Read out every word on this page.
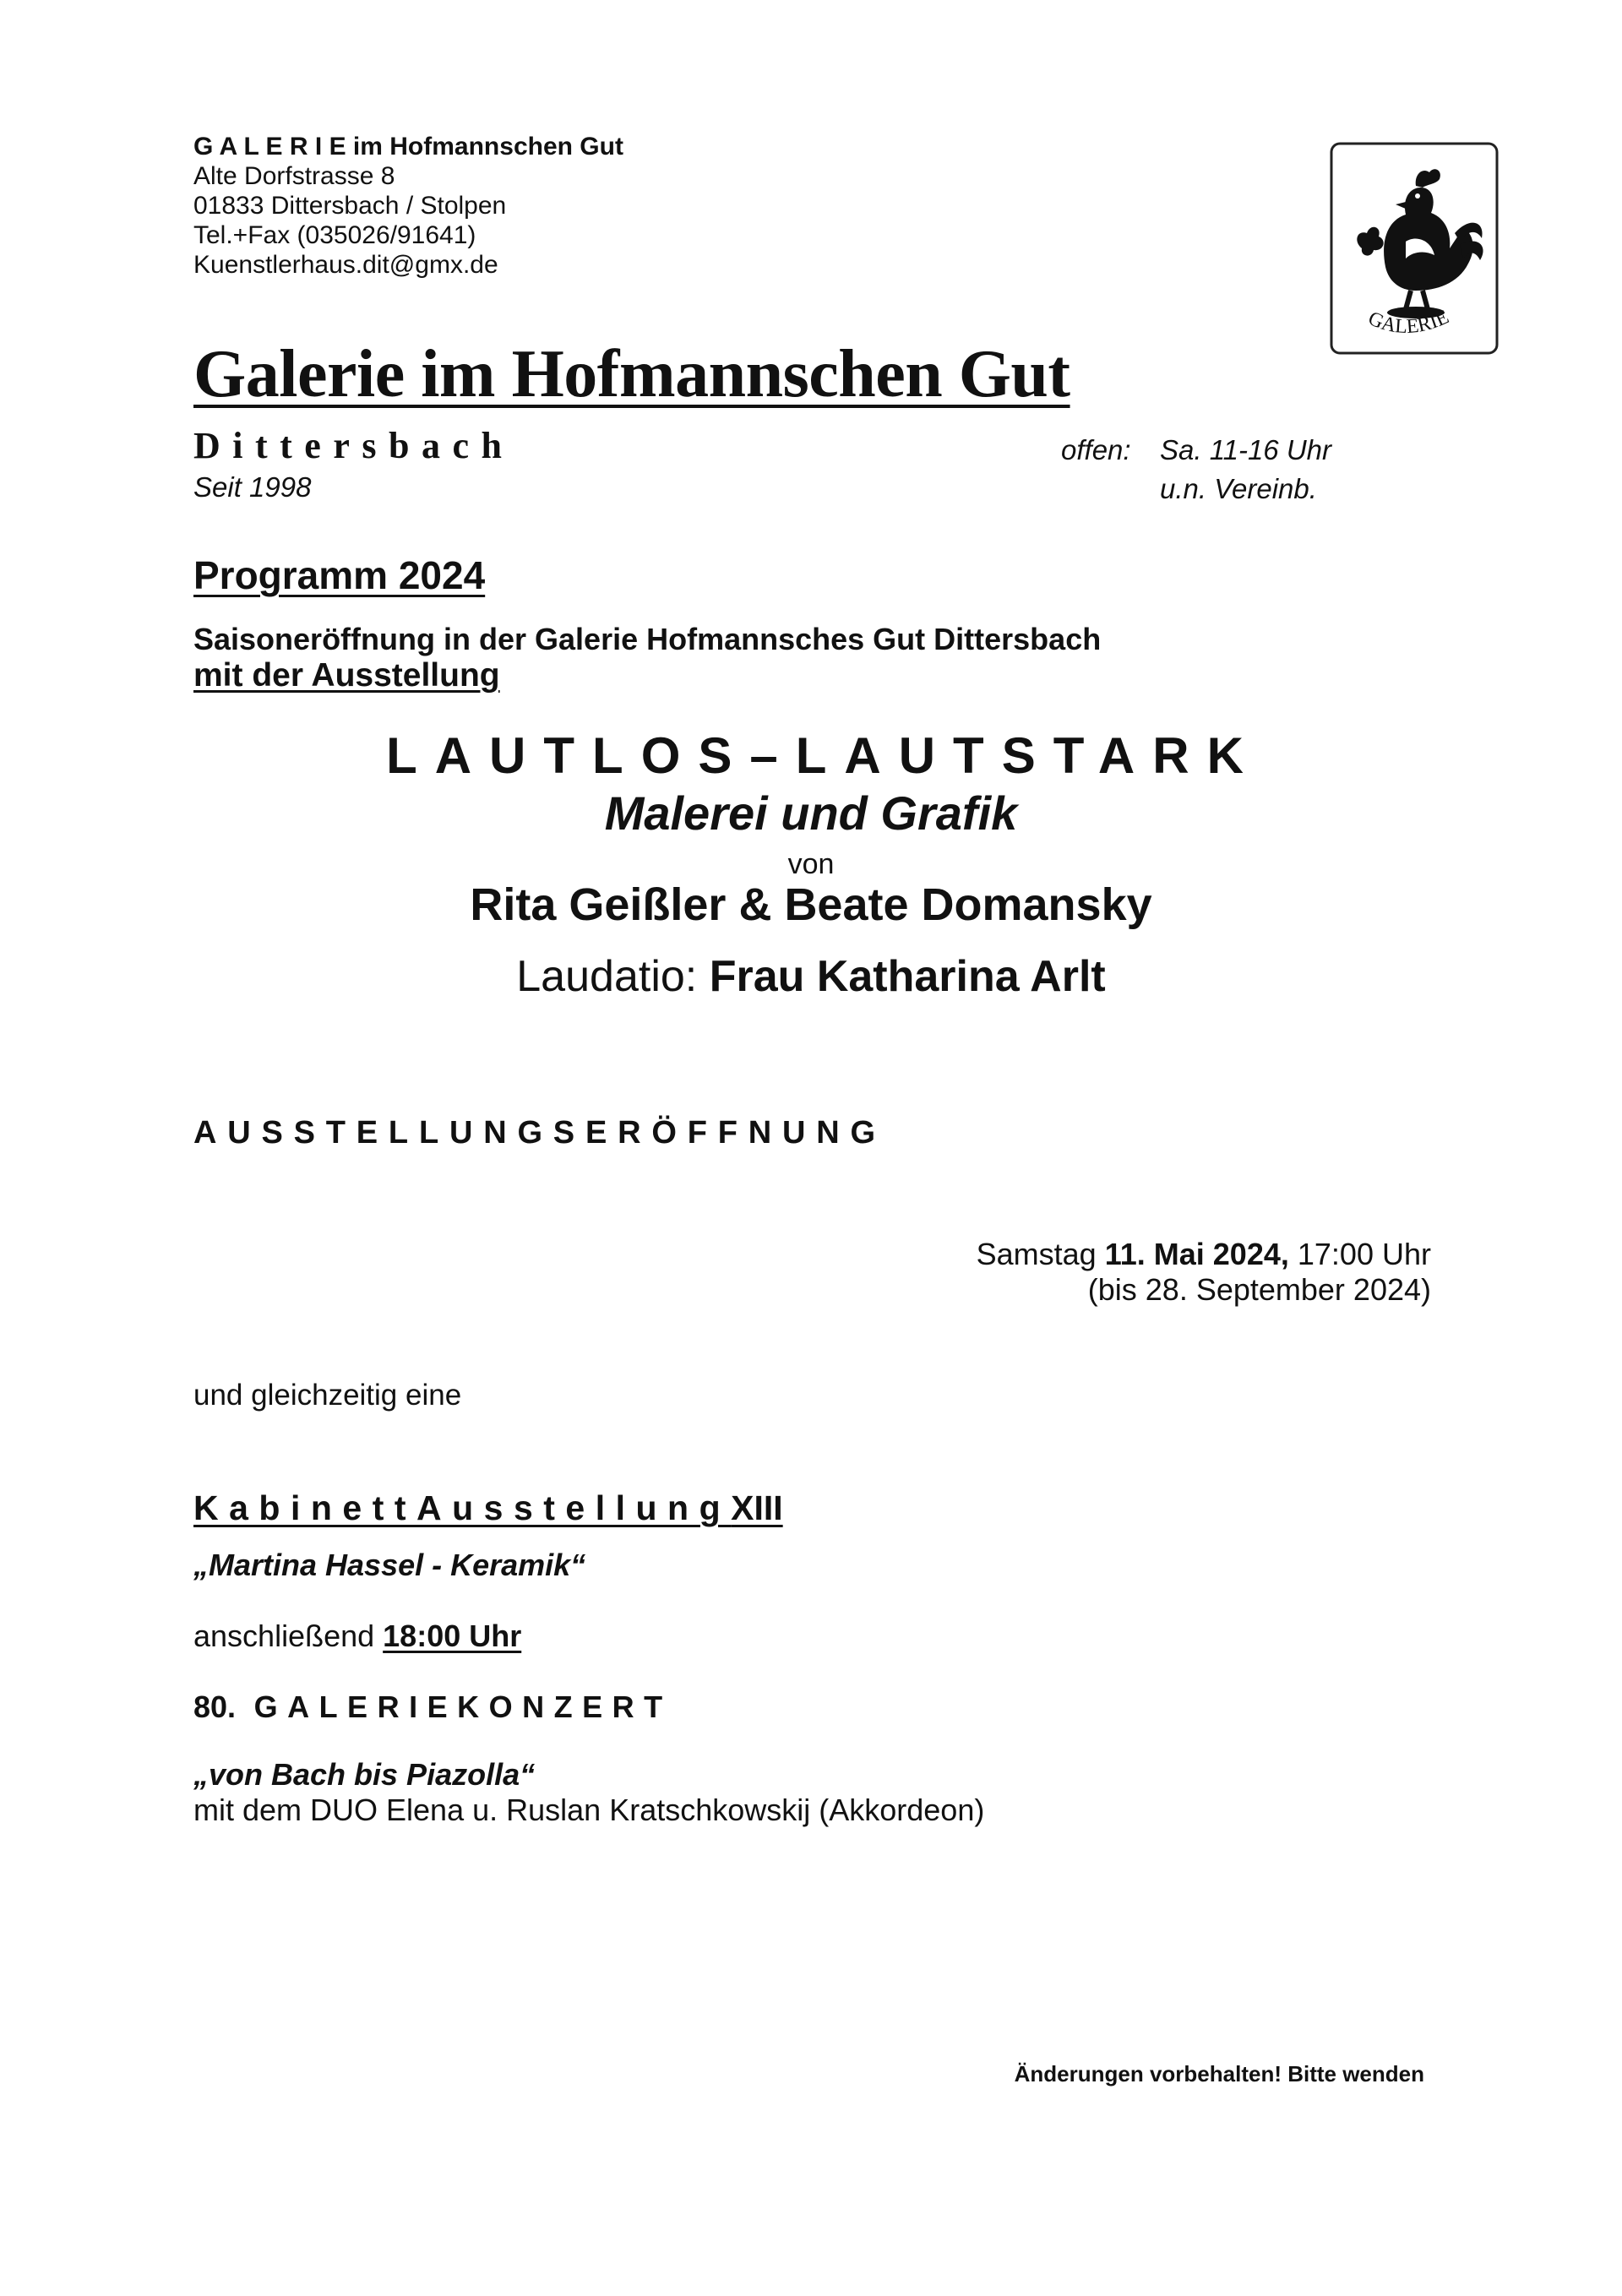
G A L E R I E im Hofmannschen Gut
Alte Dorfstrasse 8
01833 Dittersbach / Stolpen
Tel.+Fax (035026/91641)
Kuenstlerhaus.dit@gmx.de
GALERIE
Galerie im Hofmannschen Gut
Dittersbach
Seit 1998
offen: Sa. 11-16 Uhr
u.n. Vereinb.
Programm 2024
Saisoneröffnung in der Galerie Hofmannsches Gut Dittersbach
mit der Ausstellung
LAUTLOS–LAUTSTARK
Malerei und Grafik
von
Rita Geißler & Beate Domansky
Laudatio: Frau Katharina Arlt
AUSSTELLUNGSERÖFFNUNG
Samstag 11. Mai 2024, 17:00 Uhr
(bis 28. September 2024)
und gleichzeitig eine
KabinettAusstellungXIII
„Martina Hassel - Keramik“
anschließend 18:00 Uhr
80. GALERIEKONZERT
„von Bach bis Piazolla“
mit dem DUO Elena u. Ruslan Kratschkowskij (Akkordeon)
Änderungen vorbehalten! Bitte wenden
